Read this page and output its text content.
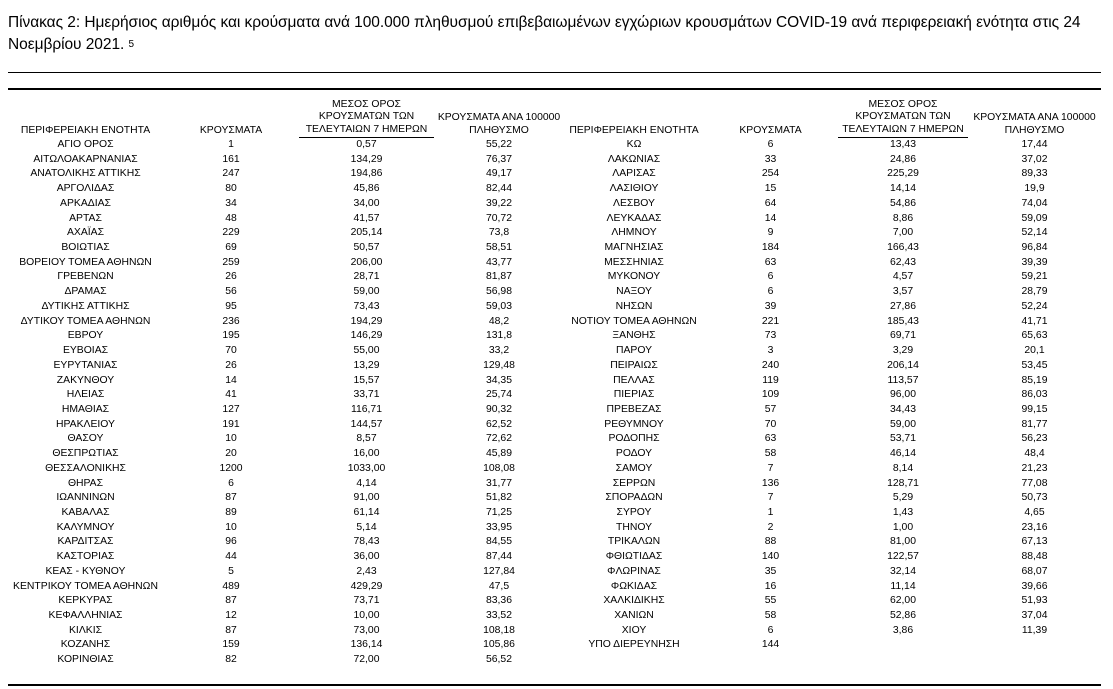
Πίνακας 2: Ημερήσιος αριθμός και κρούσματα ανά 100.000 πληθυσμού επιβεβαιωμένων εγχώριων κρουσμάτων COVID-19 ανά περιφερειακή ενότητα στις 24 Νοεμβρίου 2021. $^5$
ΠΕΡΙΦΕΡΕΙΑΚΗ ΕΝΟΤΗΤΑ	ΚΡΟΥΣΜΑΤΑ
ΜΕΣΟΣ ΟΡΟΣ
ΚΡΟΥΣΜΑΤΩΝ ΤΩΝ
ΤΕΛΕΥΤΑΙΩΝ 7 ΗΜΕΡΩΝ
ΚΡΟΥΣΜΑΤΑ ΑΝΑ 100000
ΠΛΗΘΥΣΜΟ
ΑΓΙΟ ΟΡΟΣ	1	0,57	55,22
ΑΙΤΩΛΟΑΚΑΡΝΑΝΙΑΣ	161	134,29	76,37
ΑΝΑΤΟΛΙΚΗΣ ΑΤΤΙΚΗΣ	247	194,86	49,17
ΑΡΓΟΛΙΔΑΣ	80	45,86	82,44
ΑΡΚΑΔΙΑΣ	34	34,00	39,22
ΑΡΤΑΣ	48	41,57	70,72
ΑΧΑΪΑΣ	229	205,14	73,8
ΒΟΙΩΤΙΑΣ	69	50,57	58,51
ΒΟΡΕΙΟΥ ΤΟΜΕΑ ΑΘΗΝΩΝ	259	206,00	43,77
ΓΡΕΒΕΝΩΝ	26	28,71	81,87
ΔΡΑΜΑΣ	56	59,00	56,98
ΔΥΤΙΚΗΣ ΑΤΤΙΚΗΣ	95	73,43	59,03
ΔΥΤΙΚΟΥ ΤΟΜΕΑ ΑΘΗΝΩΝ	236	194,29	48,2
ΕΒΡΟΥ	195	146,29	131,8
ΕΥΒΟΙΑΣ	70	55,00	33,2
ΕΥΡΥΤΑΝΙΑΣ	26	13,29	129,48
ΖΑΚΥΝΘΟΥ	14	15,57	34,35
ΗΛΕΙΑΣ	41	33,71	25,74
ΗΜΑΘΙΑΣ	127	116,71	90,32
ΗΡΑΚΛΕΙΟΥ	191	144,57	62,52
ΘΑΣΟΥ	10	8,57	72,62
ΘΕΣΠΡΩΤΙΑΣ	20	16,00	45,89
ΘΕΣΣΑΛΟΝΙΚΗΣ	1200	1033,00	108,08
ΘΗΡΑΣ	6	4,14	31,77
ΙΩΑΝΝΙΝΩΝ	87	91,00	51,82
ΚΑΒΑΛΑΣ	89	61,14	71,25
ΚΑΛΥΜΝΟΥ	10	5,14	33,95
ΚΑΡΔΙΤΣΑΣ	96	78,43	84,55
ΚΑΣΤΟΡΙΑΣ	44	36,00	87,44
ΚΕΑΣ - ΚΥΘΝΟΥ	5	2,43	127,84
ΚΕΝΤΡΙΚΟΥ ΤΟΜΕΑ ΑΘΗΝΩΝ	489	429,29	47,5
ΚΕΡΚΥΡΑΣ	87	73,71	83,36
ΚΕΦΑΛΛΗΝΙΑΣ	12	10,00	33,52
ΚΙΛΚΙΣ	87	73,00	108,18
ΚΟΖΑΝΗΣ	159	136,14	105,86
ΚΟΡΙΝΘΙΑΣ	82	72,00	56,52
ΠΕΡΙΦΕΡΕΙΑΚΗ ΕΝΟΤΗΤΑ	ΚΡΟΥΣΜΑΤΑ
ΜΕΣΟΣ ΟΡΟΣ
ΚΡΟΥΣΜΑΤΩΝ ΤΩΝ
ΤΕΛΕΥΤΑΙΩΝ 7 ΗΜΕΡΩΝ
ΚΡΟΥΣΜΑΤΑ ΑΝΑ 100000
ΠΛΗΘΥΣΜΟ
ΚΩ	6	13,43	17,44
ΛΑΚΩΝΙΑΣ	33	24,86	37,02
ΛΑΡΙΣΑΣ	254	225,29	89,33
ΛΑΣΙΘΙΟΥ	15	14,14	19,9
ΛΕΣΒΟΥ	64	54,86	74,04
ΛΕΥΚΑΔΑΣ	14	8,86	59,09
ΛΗΜΝΟΥ	9	7,00	52,14
ΜΑΓΝΗΣΙΑΣ	184	166,43	96,84
ΜΕΣΣΗΝΙΑΣ	63	62,43	39,39
ΜΥΚΟΝΟΥ	6	4,57	59,21
ΝΑΞΟΥ	6	3,57	28,79
ΝΗΣΩΝ	39	27,86	52,24
ΝΟΤΙΟΥ ΤΟΜΕΑ ΑΘΗΝΩΝ	221	185,43	41,71
ΞΑΝΘΗΣ	73	69,71	65,63
ΠΑΡΟΥ	3	3,29	20,1
ΠΕΙΡΑΙΩΣ	240	206,14	53,45
ΠΕΛΛΑΣ	119	113,57	85,19
ΠΙΕΡΙΑΣ	109	96,00	86,03
ΠΡΕΒΕΖΑΣ	57	34,43	99,15
ΡΕΘΥΜΝΟΥ	70	59,00	81,77
ΡΟΔΟΠΗΣ	63	53,71	56,23
ΡΟΔΟΥ	58	46,14	48,4
ΣΑΜΟΥ	7	8,14	21,23
ΣΕΡΡΩΝ	136	128,71	77,08
ΣΠΟΡΑΔΩΝ	7	5,29	50,73
ΣΥΡΟΥ	1	1,43	4,65
ΤΗΝΟΥ	2	1,00	23,16
ΤΡΙΚΑΛΩΝ	88	81,00	67,13
ΦΘΙΩΤΙΔΑΣ	140	122,57	88,48
ΦΛΩΡΙΝΑΣ	35	32,14	68,07
ΦΩΚΙΔΑΣ	16	11,14	39,66
ΧΑΛΚΙΔΙΚΗΣ	55	62,00	51,93
ΧΑΝΙΩΝ	58	52,86	37,04
ΧΙΟΥ	6	3,86	11,39
ΥΠΟ ΔΙΕΡΕΥΝΗΣΗ	144
